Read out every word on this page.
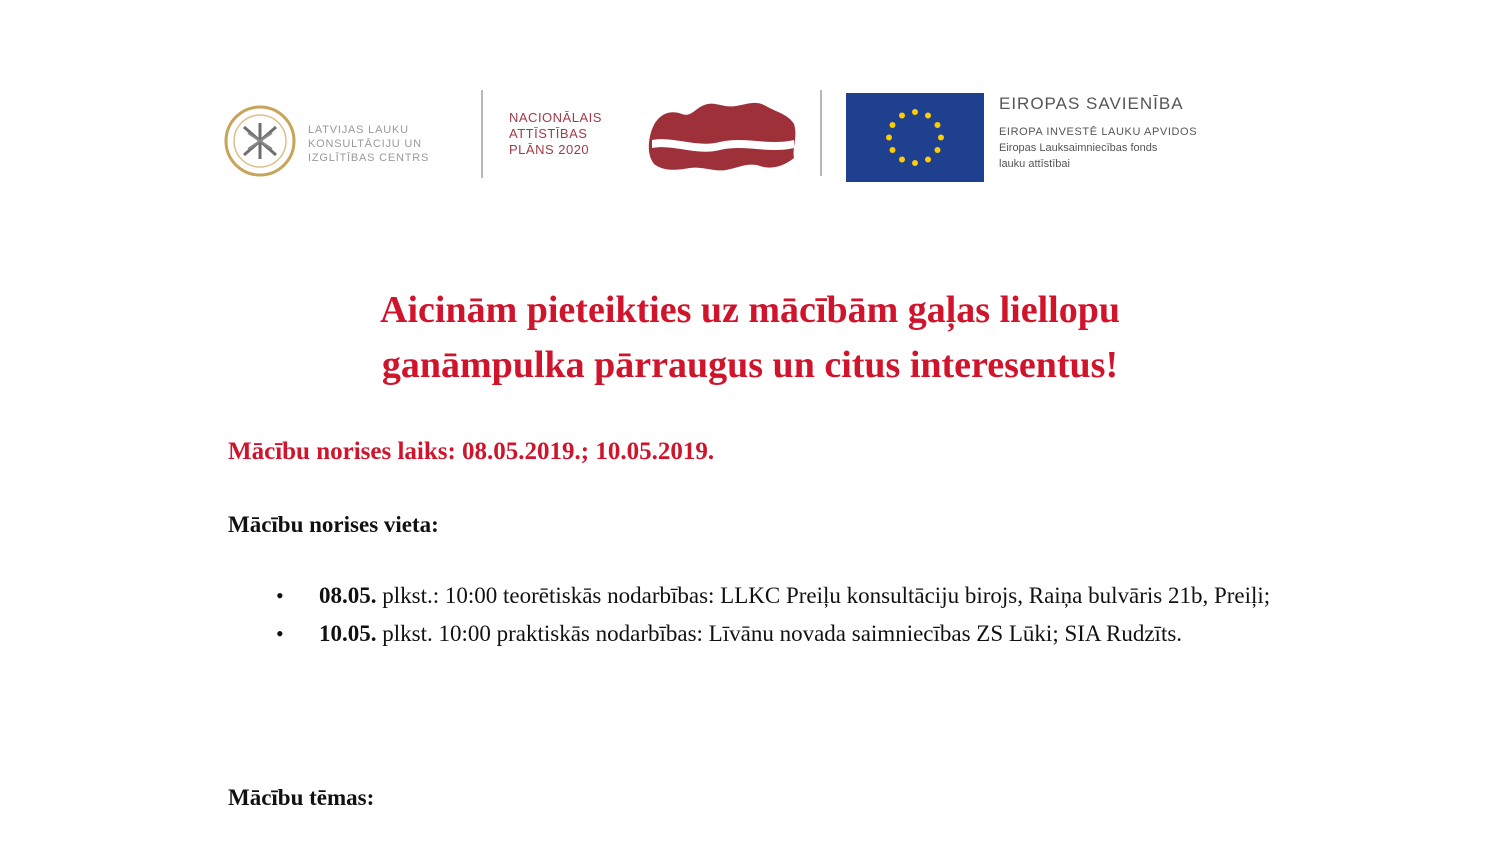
LATVIJAS LAUKU
KONSULTĀCIJU UN
IZGLĪTĪBAS CENTRS
NACIONĀLAIS
ATTĪSTĪBAS
PLĀNS 2020
EIROPAS SAVIENĪBA
EIROPA INVESTĒ LAUKU APVIDOS
Eiropas Lauksaimniecības fonds
lauku attīstībai
Aicinām pieteikties uz mācībām gaļas liellopu
ganāmpulka pārraugus un citus interesentus!
Mācību norises laiks: 08.05.2019.; 10.05.2019.
Mācību norises vieta:
• 08.05. plkst.: 10:00 teorētiskās nodarbības: LLKC Preiļu konsultāciju birojs, Raiņa bulvāris 21b, Preiļi;
• 10.05. plkst. 10:00 praktiskās nodarbības: Līvānu novada saimniecības ZS Lūki; SIA Rudzīts.
Mācību tēmas:
